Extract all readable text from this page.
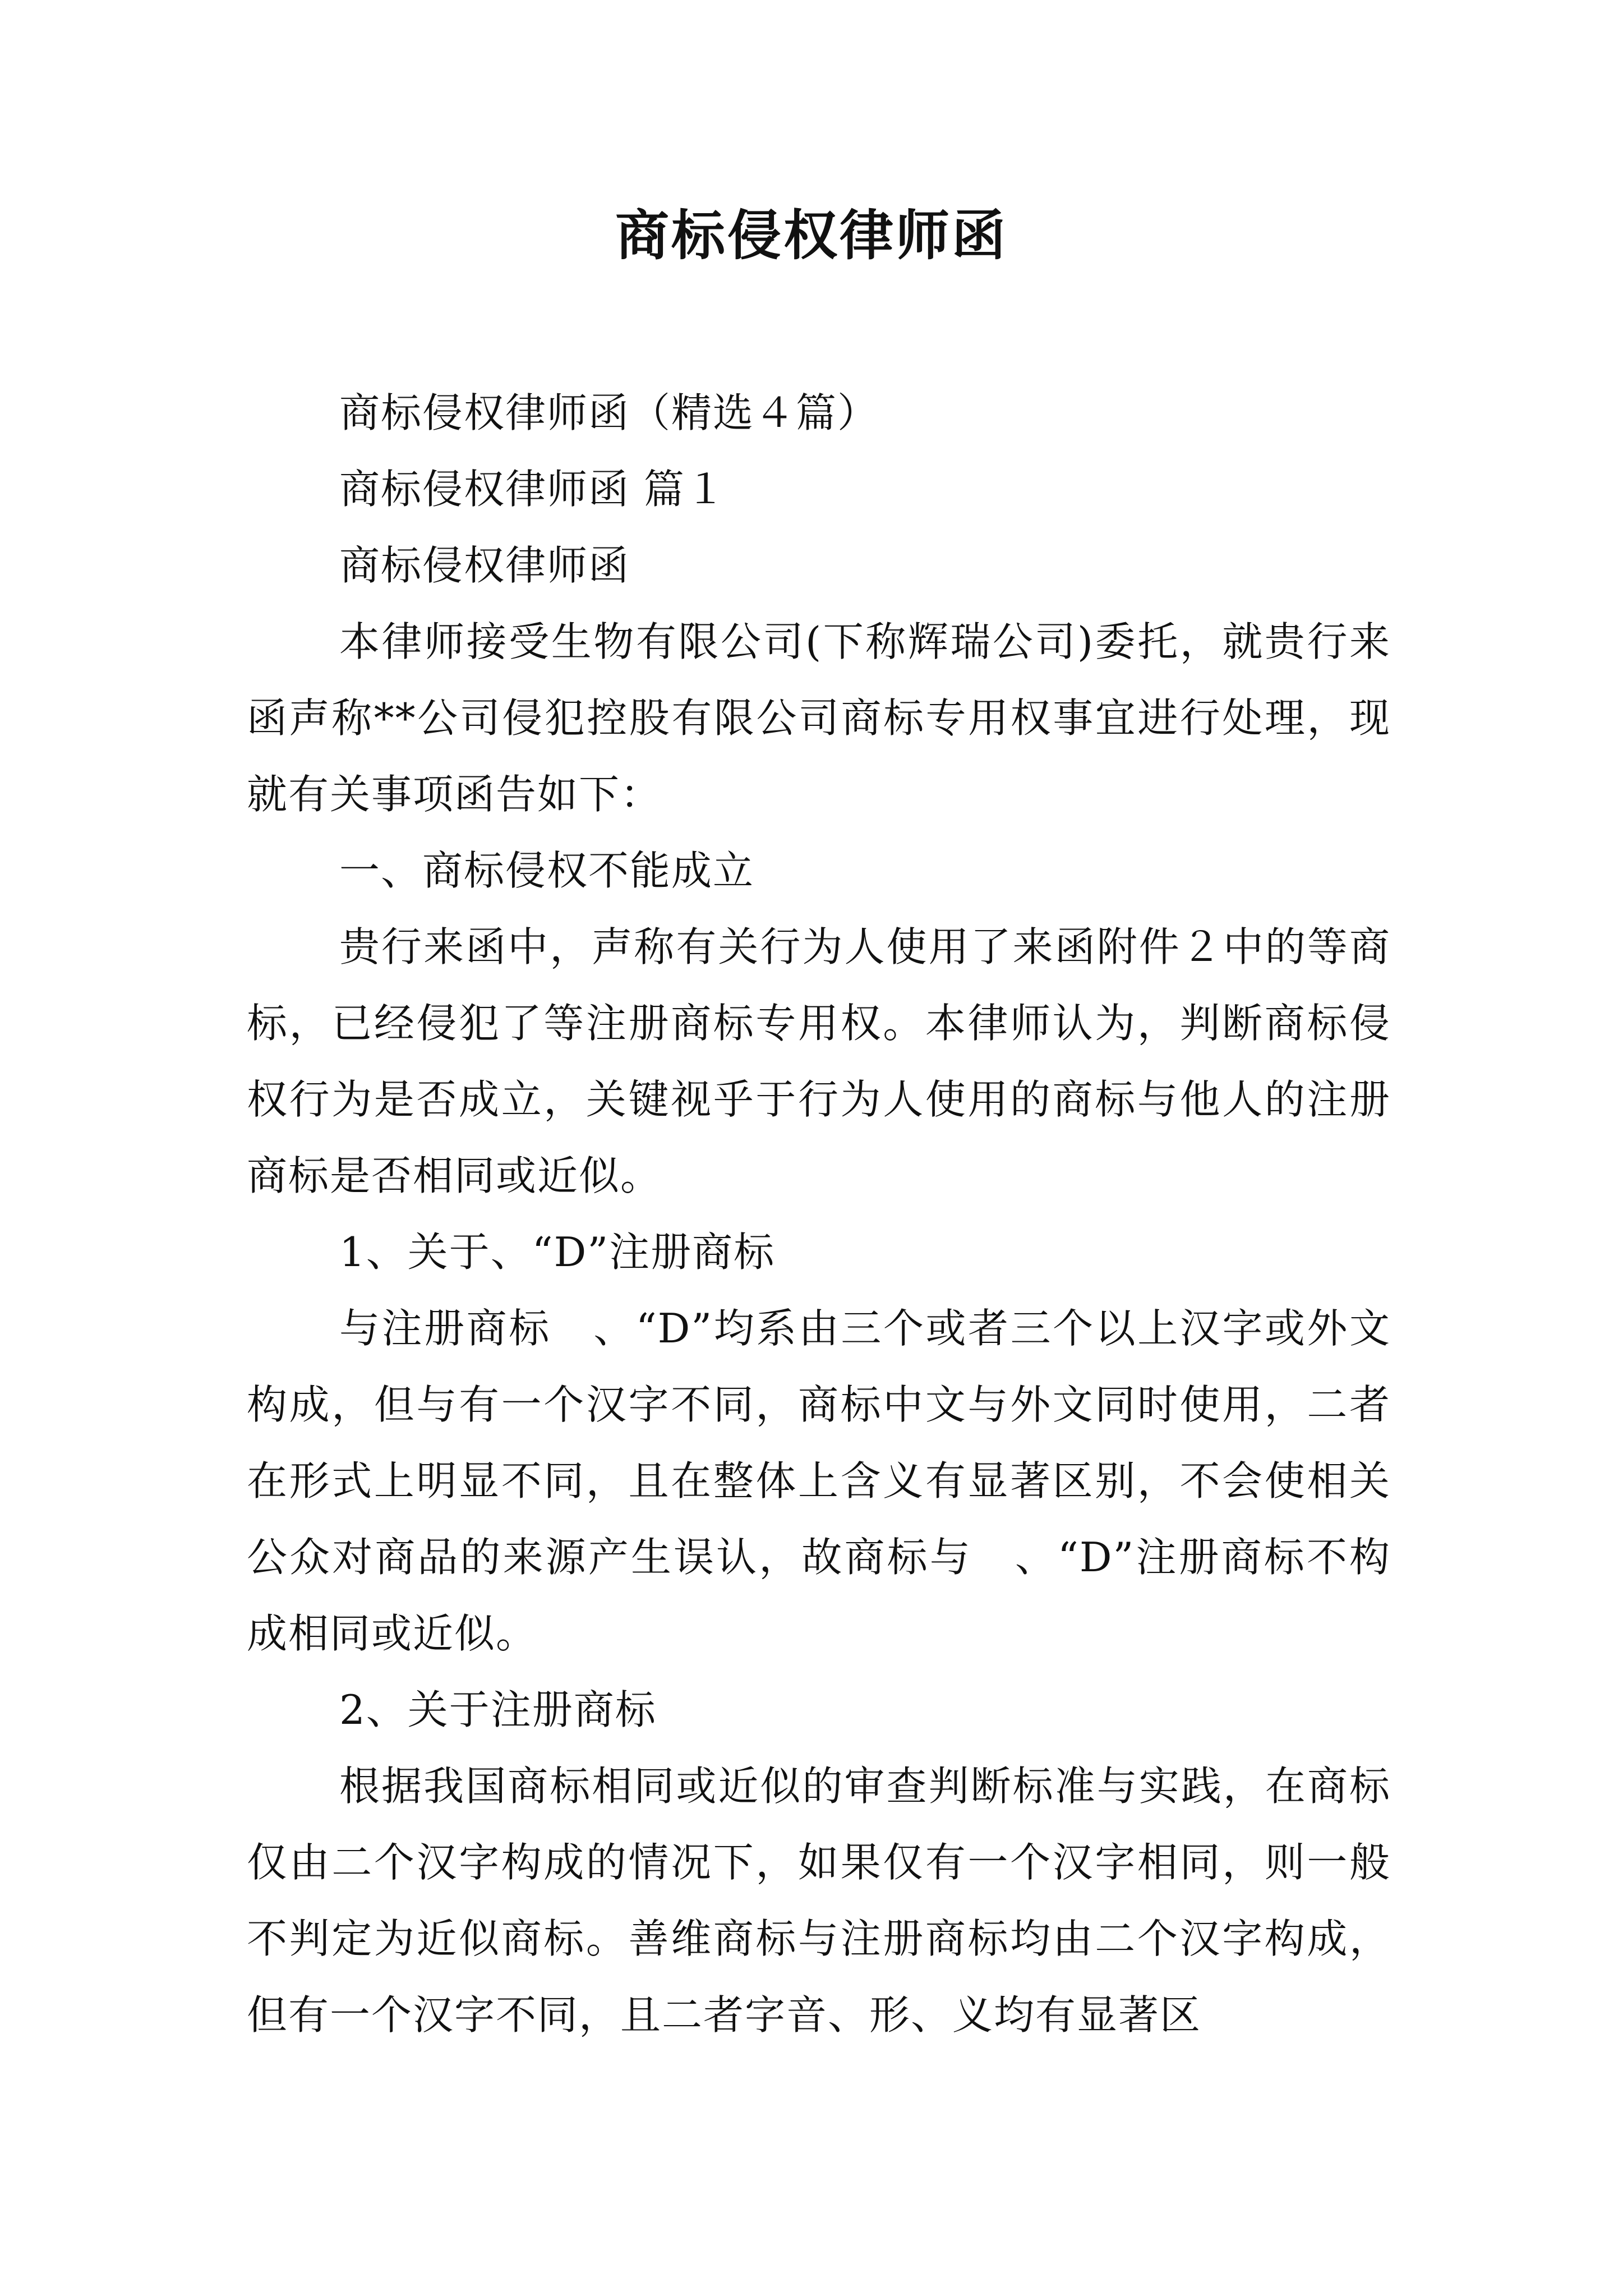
商标侵权律师函

商标侵权律师函（精选４篇）

商标侵权律师函 篇１

商标侵权律师函

本律师接受生物有限公司(下称辉瑞公司)委托，就贵行来函声称**公司侵犯控股有限公司商标专用权事宜进行处理，现就有关事项函告如下：

一、商标侵权不能成立

贵行来函中，声称有关行为人使用了来函附件２中的等商标，已经侵犯了等注册商标专用权。本律师认为，判断商标侵权行为是否成立，关键视乎于行为人使用的商标与他人的注册商标是否相同或近似。

1、关于、“D”注册商标

与注册商标　、“D”均系由三个或者三个以上汉字或外文构成，但与有一个汉字不同，商标中文与外文同时使用，二者在形式上明显不同，且在整体上含义有显著区别，不会使相关公众对商品的来源产生误认，故商标与　、“D”注册商标不构成相同或近似。

2、关于注册商标

根据我国商标相同或近似的审查判断标准与实践，在商标仅由二个汉字构成的情况下，如果仅有一个汉字相同，则一般不判定为近似商标。善维商标与注册商标均由二个汉字构成，但有一个汉字不同，且二者字音、形、义均有显著区
